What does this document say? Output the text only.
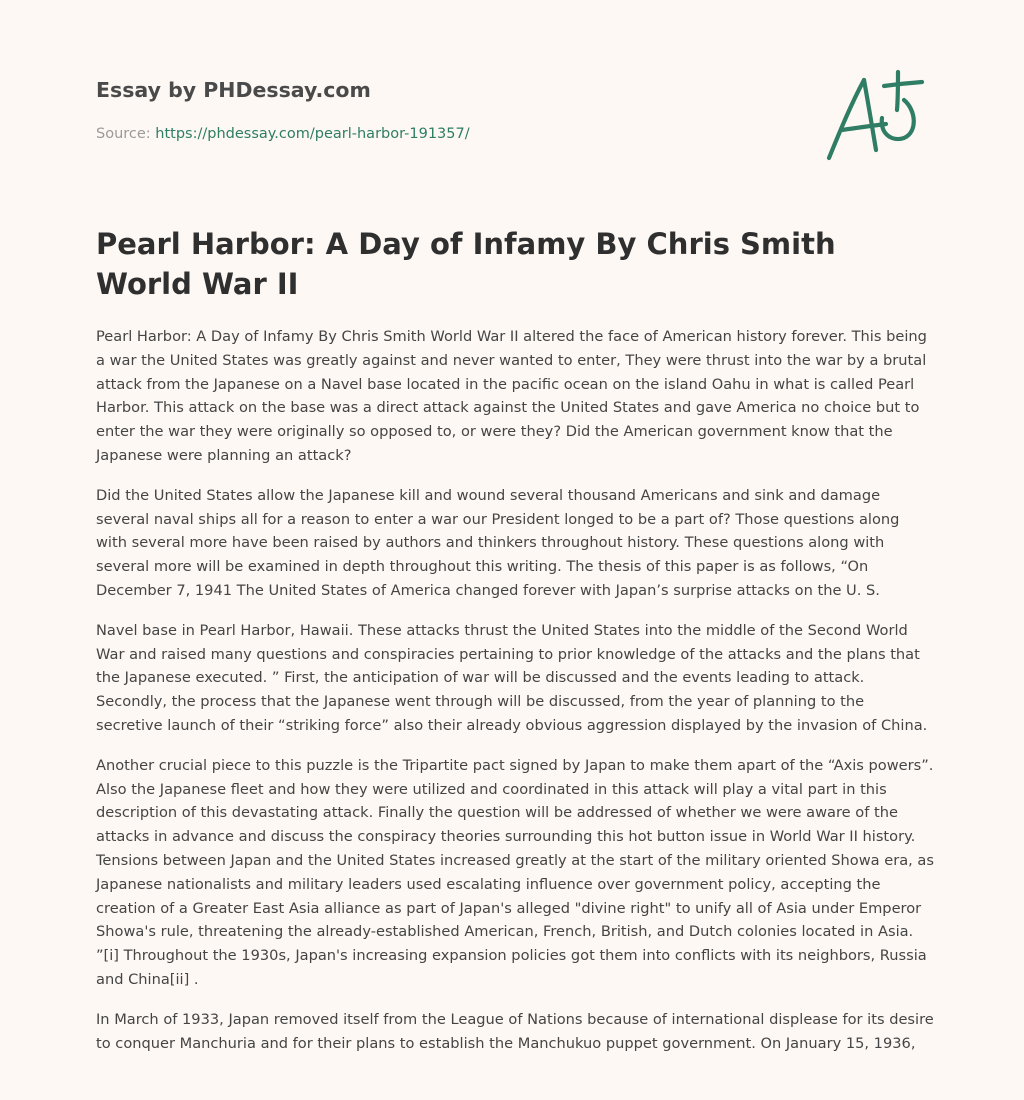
Essay by PHDessay.com
Source: https://phdessay.com/pearl-harbor-191357/
Pearl Harbor: A Day of Infamy By Chris Smith World War II

Pearl Harbor: A Day of Infamy By Chris Smith World War II altered the face of American history forever. This being a war the United States was greatly against and never wanted to enter, They were thrust into the war by a brutal attack from the Japanese on a Navel base located in the pacific ocean on the island Oahu in what is called Pearl Harbor. This attack on the base was a direct attack against the United States and gave America no choice but to enter the war they were originally so opposed to, or were they? Did the American government know that the Japanese were planning an attack?

Did the United States allow the Japanese kill and wound several thousand Americans and sink and damage several naval ships all for a reason to enter a war our President longed to be a part of? Those questions along with several more have been raised by authors and thinkers throughout history. These questions along with several more will be examined in depth throughout this writing. The thesis of this paper is as follows, “On December 7, 1941 The United States of America changed forever with Japan’s surprise attacks on the U. S.

Navel base in Pearl Harbor, Hawaii. These attacks thrust the United States into the middle of the Second World War and raised many questions and conspiracies pertaining to prior knowledge of the attacks and the plans that the Japanese executed. ” First, the anticipation of war will be discussed and the events leading to attack. Secondly, the process that the Japanese went through will be discussed, from the year of planning to the secretive launch of their “striking force” also their already obvious aggression displayed by the invasion of China.

Another crucial piece to this puzzle is the Tripartite pact signed by Japan to make them apart of the “Axis powers”. Also the Japanese fleet and how they were utilized and coordinated in this attack will play a vital part in this description of this devastating attack. Finally the question will be addressed of whether we were aware of the attacks in advance and discuss the conspiracy theories surrounding this hot button issue in World War II history. Tensions between Japan and the United States increased greatly at the start of the military oriented Showa era, as Japanese nationalists and military leaders used escalating influence over government policy, accepting the creation of a Greater East Asia alliance as part of Japan's alleged "divine right" to unify all of Asia under Emperor Showa's rule, threatening the already-established American, French, British, and Dutch colonies located in Asia. ”[i] Throughout the 1930s, Japan's increasing expansion policies got them into conflicts with its neighbors, Russia and China[ii] .

In March of 1933, Japan removed itself from the League of Nations because of international displease for its desire to conquer Manchuria and for their plans to establish the Manchukuo puppet government. On January 15, 1936,
